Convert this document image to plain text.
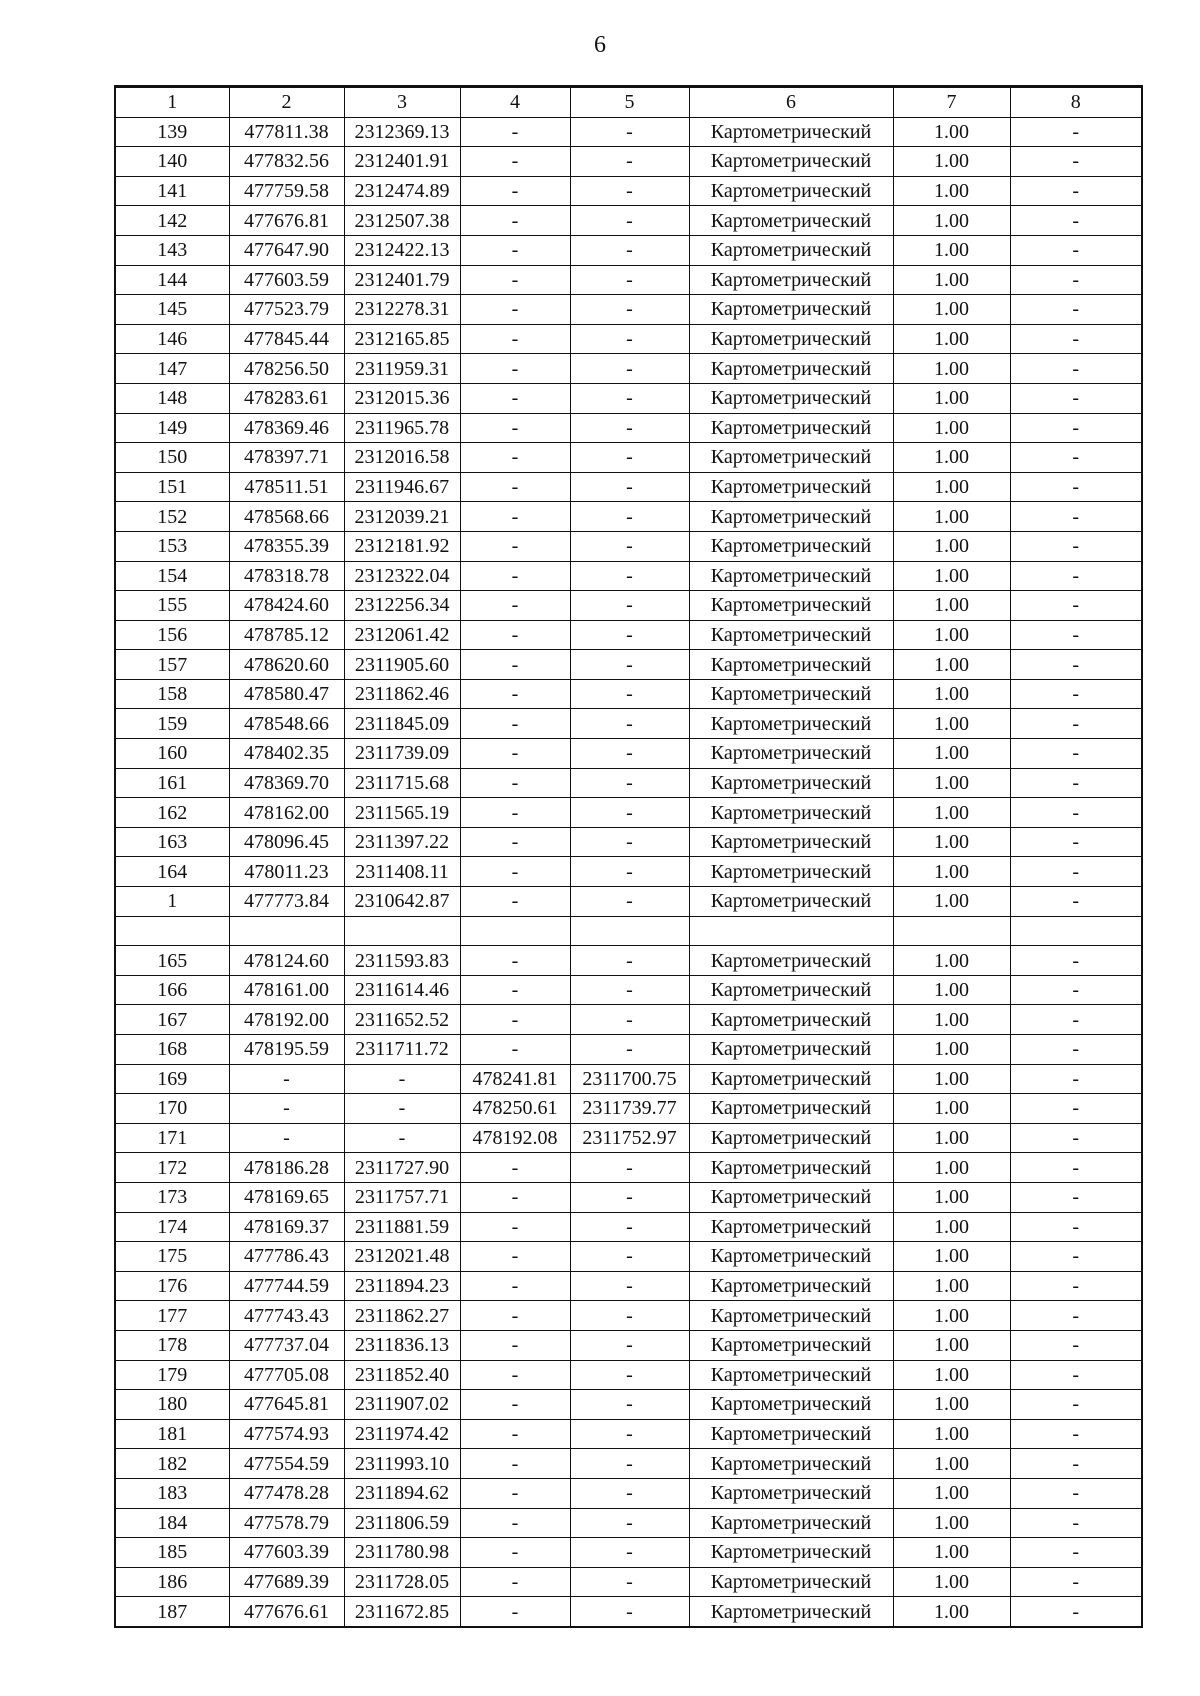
6
1	2	3	4	5	6	7	8
139	477811.38	2312369.13	-	-	Картометрический	1.00	-
140	477832.56	2312401.91	-	-	Картометрический	1.00	-
141	477759.58	2312474.89	-	-	Картометрический	1.00	-
142	477676.81	2312507.38	-	-	Картометрический	1.00	-
143	477647.90	2312422.13	-	-	Картометрический	1.00	-
144	477603.59	2312401.79	-	-	Картометрический	1.00	-
145	477523.79	2312278.31	-	-	Картометрический	1.00	-
146	477845.44	2312165.85	-	-	Картометрический	1.00	-
147	478256.50	2311959.31	-	-	Картометрический	1.00	-
148	478283.61	2312015.36	-	-	Картометрический	1.00	-
149	478369.46	2311965.78	-	-	Картометрический	1.00	-
150	478397.71	2312016.58	-	-	Картометрический	1.00	-
151	478511.51	2311946.67	-	-	Картометрический	1.00	-
152	478568.66	2312039.21	-	-	Картометрический	1.00	-
153	478355.39	2312181.92	-	-	Картометрический	1.00	-
154	478318.78	2312322.04	-	-	Картометрический	1.00	-
155	478424.60	2312256.34	-	-	Картометрический	1.00	-
156	478785.12	2312061.42	-	-	Картометрический	1.00	-
157	478620.60	2311905.60	-	-	Картометрический	1.00	-
158	478580.47	2311862.46	-	-	Картометрический	1.00	-
159	478548.66	2311845.09	-	-	Картометрический	1.00	-
160	478402.35	2311739.09	-	-	Картометрический	1.00	-
161	478369.70	2311715.68	-	-	Картометрический	1.00	-
162	478162.00	2311565.19	-	-	Картометрический	1.00	-
163	478096.45	2311397.22	-	-	Картометрический	1.00	-
164	478011.23	2311408.11	-	-	Картометрический	1.00	-
1	477773.84	2310642.87	-	-	Картометрический	1.00	-

165	478124.60	2311593.83	-	-	Картометрический	1.00	-
166	478161.00	2311614.46	-	-	Картометрический	1.00	-
167	478192.00	2311652.52	-	-	Картометрический	1.00	-
168	478195.59	2311711.72	-	-	Картометрический	1.00	-
169	-	-	478241.81	2311700.75	Картометрический	1.00	-
170	-	-	478250.61	2311739.77	Картометрический	1.00	-
171	-	-	478192.08	2311752.97	Картометрический	1.00	-
172	478186.28	2311727.90	-	-	Картометрический	1.00	-
173	478169.65	2311757.71	-	-	Картометрический	1.00	-
174	478169.37	2311881.59	-	-	Картометрический	1.00	-
175	477786.43	2312021.48	-	-	Картометрический	1.00	-
176	477744.59	2311894.23	-	-	Картометрический	1.00	-
177	477743.43	2311862.27	-	-	Картометрический	1.00	-
178	477737.04	2311836.13	-	-	Картометрический	1.00	-
179	477705.08	2311852.40	-	-	Картометрический	1.00	-
180	477645.81	2311907.02	-	-	Картометрический	1.00	-
181	477574.93	2311974.42	-	-	Картометрический	1.00	-
182	477554.59	2311993.10	-	-	Картометрический	1.00	-
183	477478.28	2311894.62	-	-	Картометрический	1.00	-
184	477578.79	2311806.59	-	-	Картометрический	1.00	-
185	477603.39	2311780.98	-	-	Картометрический	1.00	-
186	477689.39	2311728.05	-	-	Картометрический	1.00	-
187	477676.61	2311672.85	-	-	Картометрический	1.00	-
